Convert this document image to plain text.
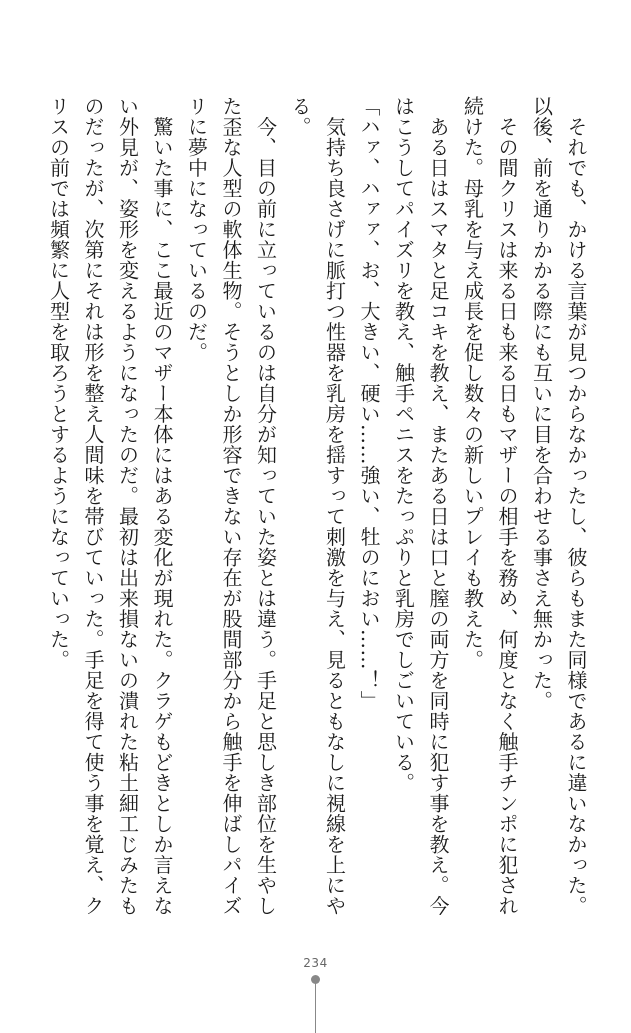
　それでも、かける言葉が見つからなかったし、彼らもまた同様であるに違いなかった。
以後、前を通りかかる際にも互いに目を合わせる事さえ無かった。
　その間クリスは来る日も来る日もマザーの相手を務め、何度となく触手チンポに犯され
続けた。母乳を与え成長を促し数々の新しいプレイも教えた。
　ある日はスマタと足コキを教え、またある日は口と膣の両方を同時に犯す事を教え。今
はこうしてパイズリを教え、触手ペニスをたっぷりと乳房でしごいている。
「ハァ、ハァァ、お、大きい、硬い……強い、牡のにおい……！」
　気持ち良さげに脈打つ性器を乳房を揺すって刺激を与え、見るともなしに視線を上にや
る。
　今、目の前に立っているのは自分が知っていた姿とは違う。手足と思しき部位を生やし
た歪な人型の軟体生物。そうとしか形容できない存在が股間部分から触手を伸ばしパイズ
リに夢中になっているのだ。
　驚いた事に、ここ最近のマザー本体にはある変化が現れた。クラゲもどきとしか言えな
い外見が、姿形を変えるようになったのだ。最初は出来損ないの潰れた粘土細工じみたも
のだったが、次第にそれは形を整え人間味を帯びていった。手足を得て使う事を覚え、ク
リスの前では頻繁に人型を取ろうとするようになっていった。
234
